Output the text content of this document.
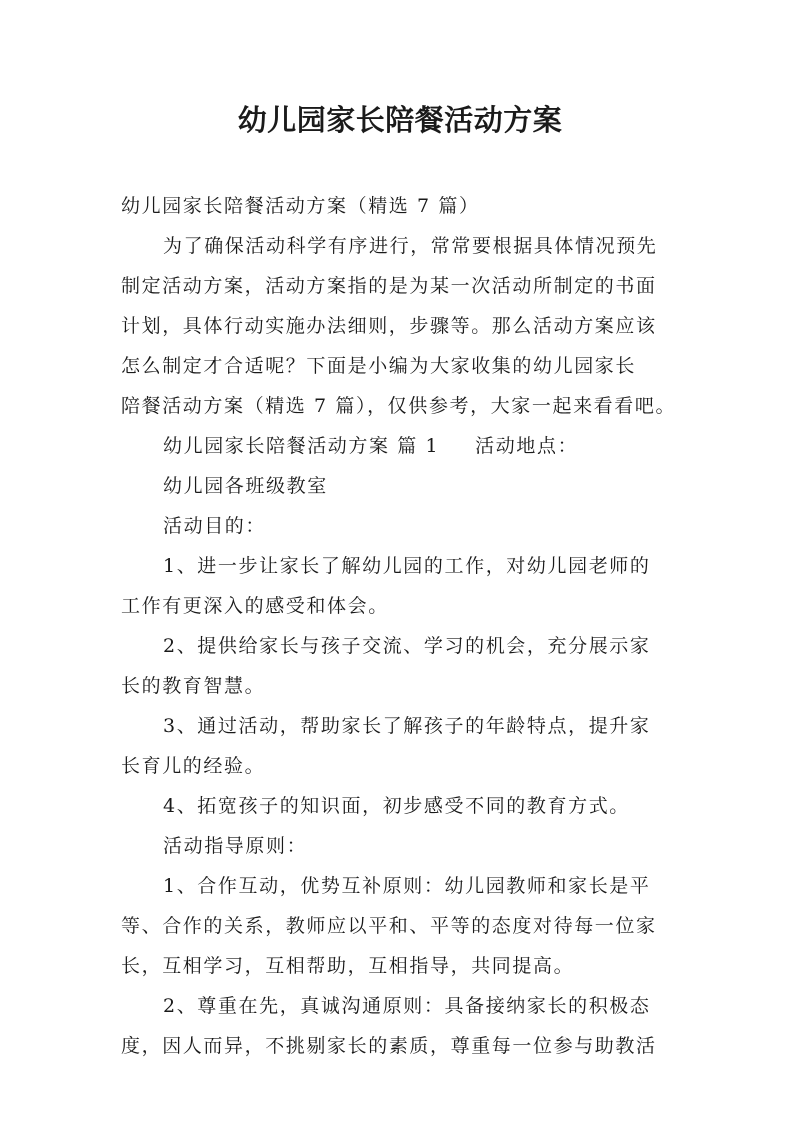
幼儿园家长陪餐活动方案
幼儿园家长陪餐活动方案（精选 7 篇）
为了确保活动科学有序进行，常常要根据具体情况预先
制定活动方案，活动方案指的是为某一次活动所制定的书面
计划，具体行动实施办法细则，步骤等。那么活动方案应该
怎么制定才合适呢？下面是小编为大家收集的幼儿园家长
陪餐活动方案（精选 7 篇），仅供参考，大家一起来看看吧。
幼儿园家长陪餐活动方案 篇 1 活动地点：
幼儿园各班级教室
活动目的：
1、进一步让家长了解幼儿园的工作，对幼儿园老师的
工作有更深入的感受和体会。
2、提供给家长与孩子交流、学习的机会，充分展示家
长的教育智慧。
3、通过活动，帮助家长了解孩子的年龄特点，提升家
长育儿的经验。
4、拓宽孩子的知识面，初步感受不同的教育方式。
活动指导原则：
1、合作互动，优势互补原则：幼儿园教师和家长是平
等、合作的关系，教师应以平和、平等的态度对待每一位家
长，互相学习，互相帮助，互相指导，共同提高。
2、尊重在先，真诚沟通原则：具备接纳家长的积极态
度，因人而异，不挑剔家长的素质，尊重每一位参与助教活
